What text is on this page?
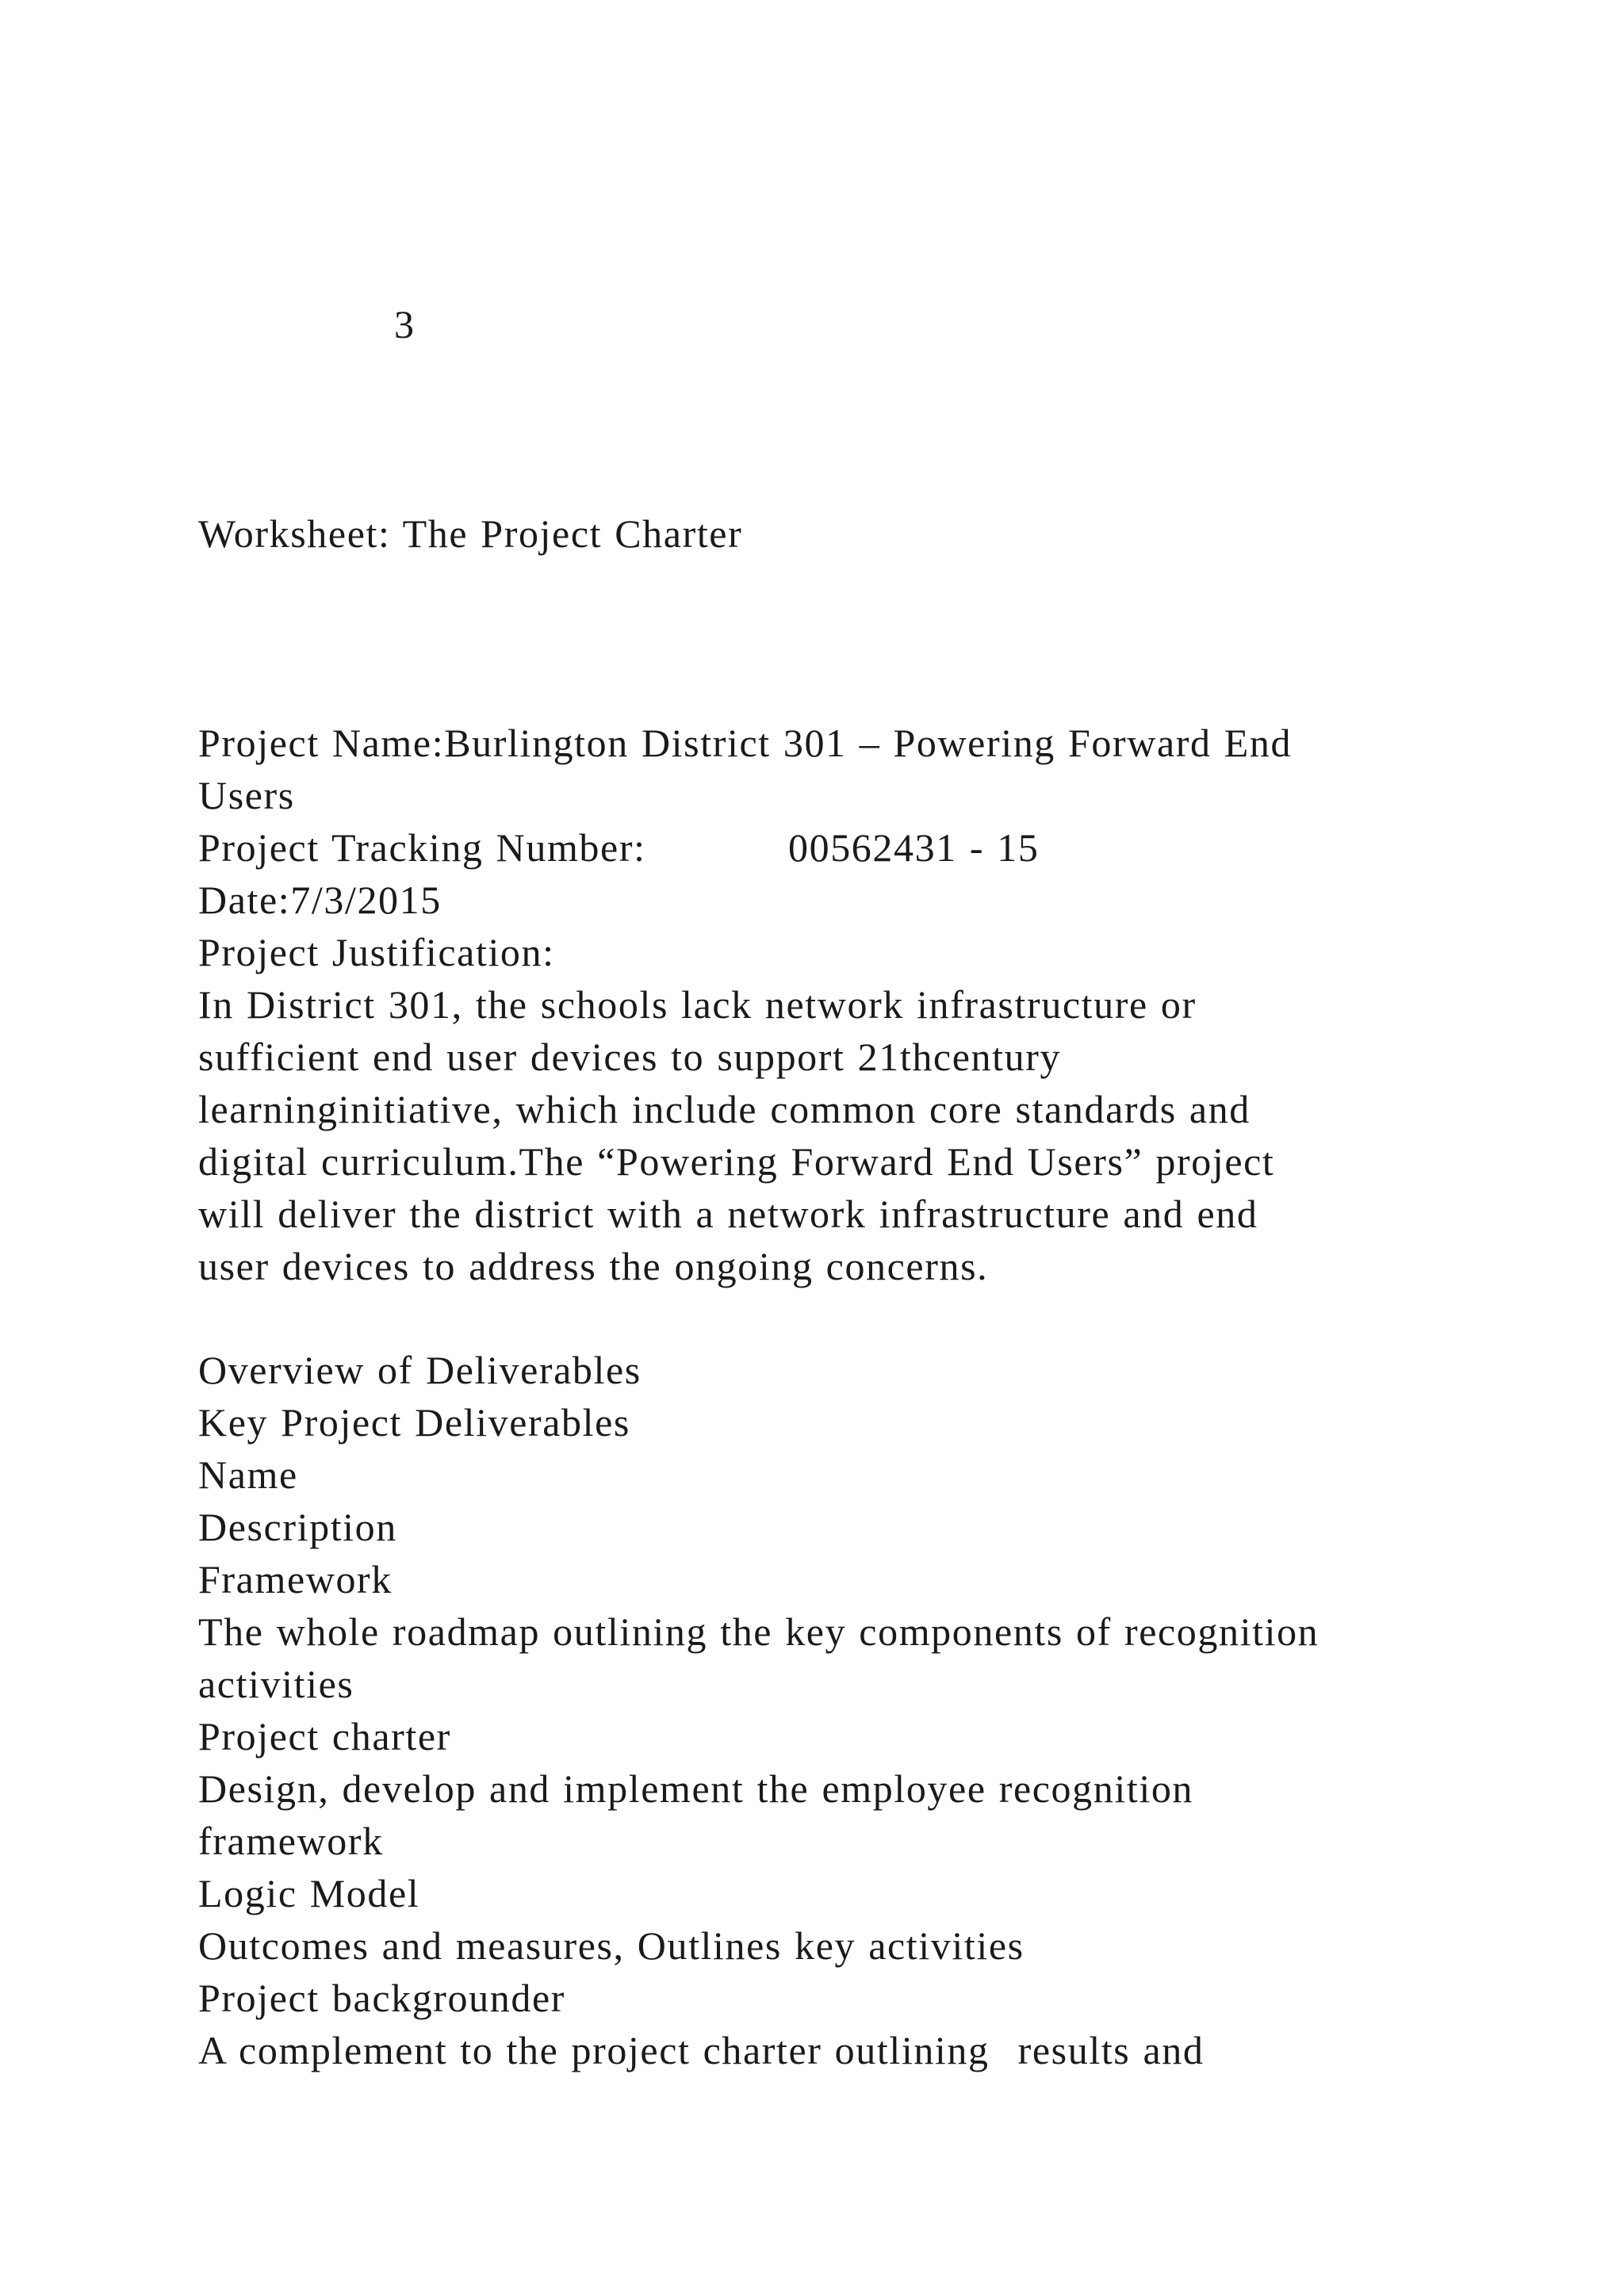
3
Worksheet: The Project Charter
Project Name:Burlington District 301 – Powering Forward End
Users
Project Tracking Number:	00562431 - 15
Date:7/3/2015
Project Justification:
In District 301, the schools lack network infrastructure or
sufficient end user devices to support 21thcentury
learninginitiative, which include common core standards and
digital curriculum.The “Powering Forward End Users” project
will deliver the district with a network infrastructure and end
user devices to address the ongoing concerns.
Overview of Deliverables
Key Project Deliverables
Name
Description
Framework
The whole roadmap outlining the key components of recognition
activities
Project charter
Design, develop and implement the employee recognition
framework
Logic Model
Outcomes and measures, Outlines key activities
Project backgrounder
A complement to the project charter outlining results and
